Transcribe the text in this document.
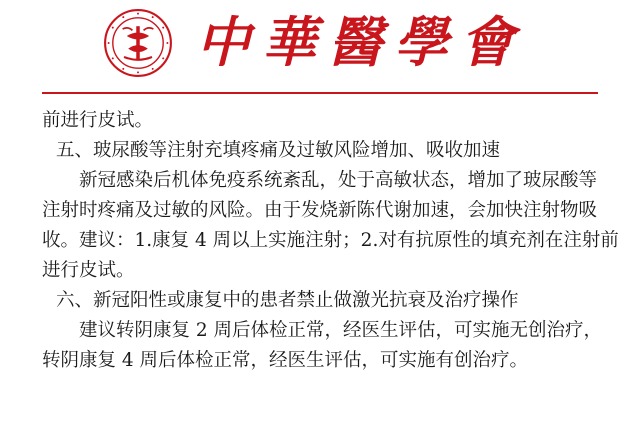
中華醫學會
前进行皮试。
五、玻尿酸等注射充填疼痛及过敏风险增加、吸收加速
新冠感染后机体免疫系统紊乱，处于高敏状态，增加了玻尿酸等
注射时疼痛及过敏的风险。由于发烧新陈代谢加速，会加快注射物吸
收。建议：1.康复 4 周以上实施注射；2.对有抗原性的填充剂在注射前
进行皮试。
六、新冠阳性或康复中的患者禁止做激光抗衰及治疗操作
建议转阴康复 2 周后体检正常，经医生评估，可实施无创治疗，
转阴康复 4 周后体检正常，经医生评估，可实施有创治疗。
